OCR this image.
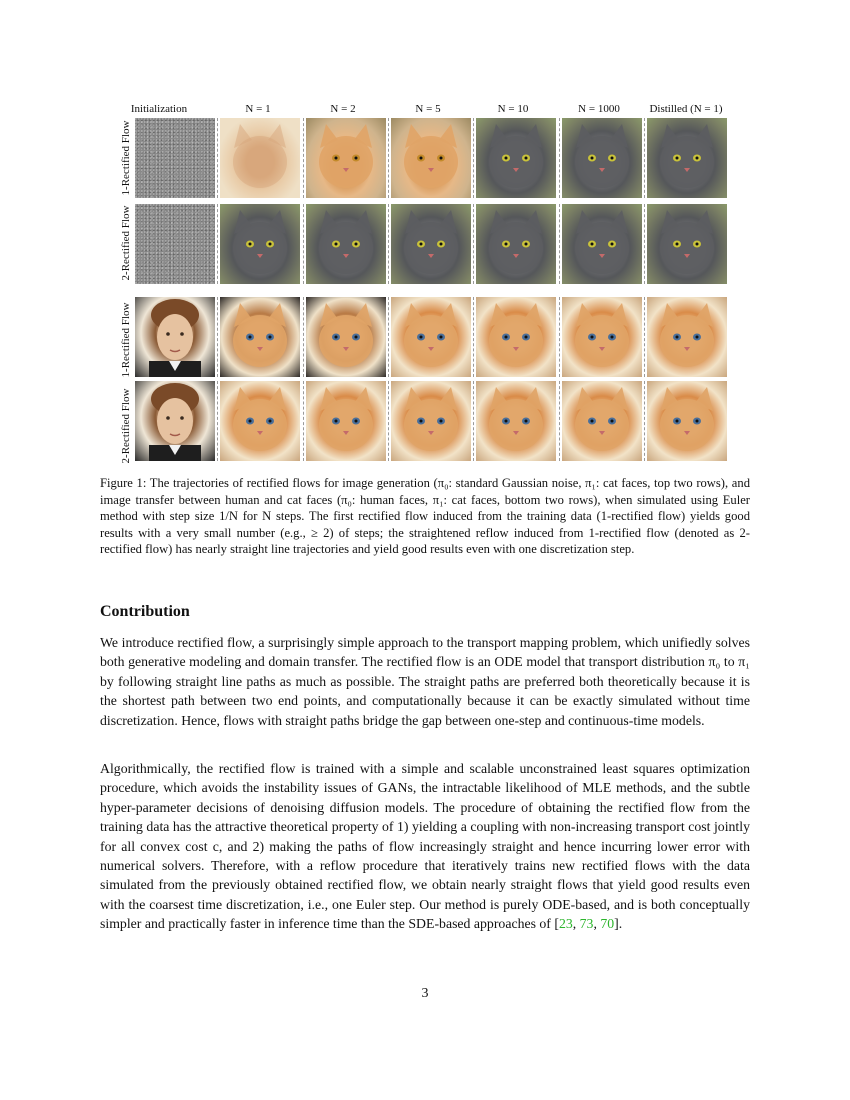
Initialization	N = 1	N = 2	N = 5	N = 10	N = 1000	Distilled (N = 1)
1-Rectified Flow
2-Rectified Flow
1-Rectified Flow
2-Rectified Flow
Figure 1: The trajectories of rectified flows for image generation (π₀: standard Gaussian noise, π₁: cat faces, top two rows), and image transfer between human and cat faces (π₀: human faces, π₁: cat faces, bottom two rows), when simulated using Euler method with step size 1/N for N steps. The first rectified flow induced from the training data (1-rectified flow) yields good results with a very small number (e.g., ≥ 2) of steps; the straightened reflow induced from 1-rectified flow (denoted as 2-rectified flow) has nearly straight line trajectories and yield good results even with one discretization step.
Contribution
We introduce rectified flow, a surprisingly simple approach to the transport mapping problem, which unifiedly solves both generative modeling and domain transfer. The rectified flow is an ODE model that transport distribution π₀ to π₁ by following straight line paths as much as possible. The straight paths are preferred both theoretically because it is the shortest path between two end points, and computationally because it can be exactly simulated without time discretization. Hence, flows with straight paths bridge the gap between one-step and continuous-time models.
Algorithmically, the rectified flow is trained with a simple and scalable unconstrained least squares optimization procedure, which avoids the instability issues of GANs, the intractable likelihood of MLE methods, and the subtle hyper-parameter decisions of denoising diffusion models. The procedure of obtaining the rectified flow from the training data has the attractive theoretical property of 1) yielding a coupling with non-increasing transport cost jointly for all convex cost c, and 2) making the paths of flow increasingly straight and hence incurring lower error with numerical solvers. Therefore, with a reflow procedure that iteratively trains new rectified flows with the data simulated from the previously obtained rectified flow, we obtain nearly straight flows that yield good results even with the coarsest time discretization, i.e., one Euler step. Our method is purely ODE-based, and is both conceptually simpler and practically faster in inference time than the SDE-based approaches of [23, 73, 70].
3
